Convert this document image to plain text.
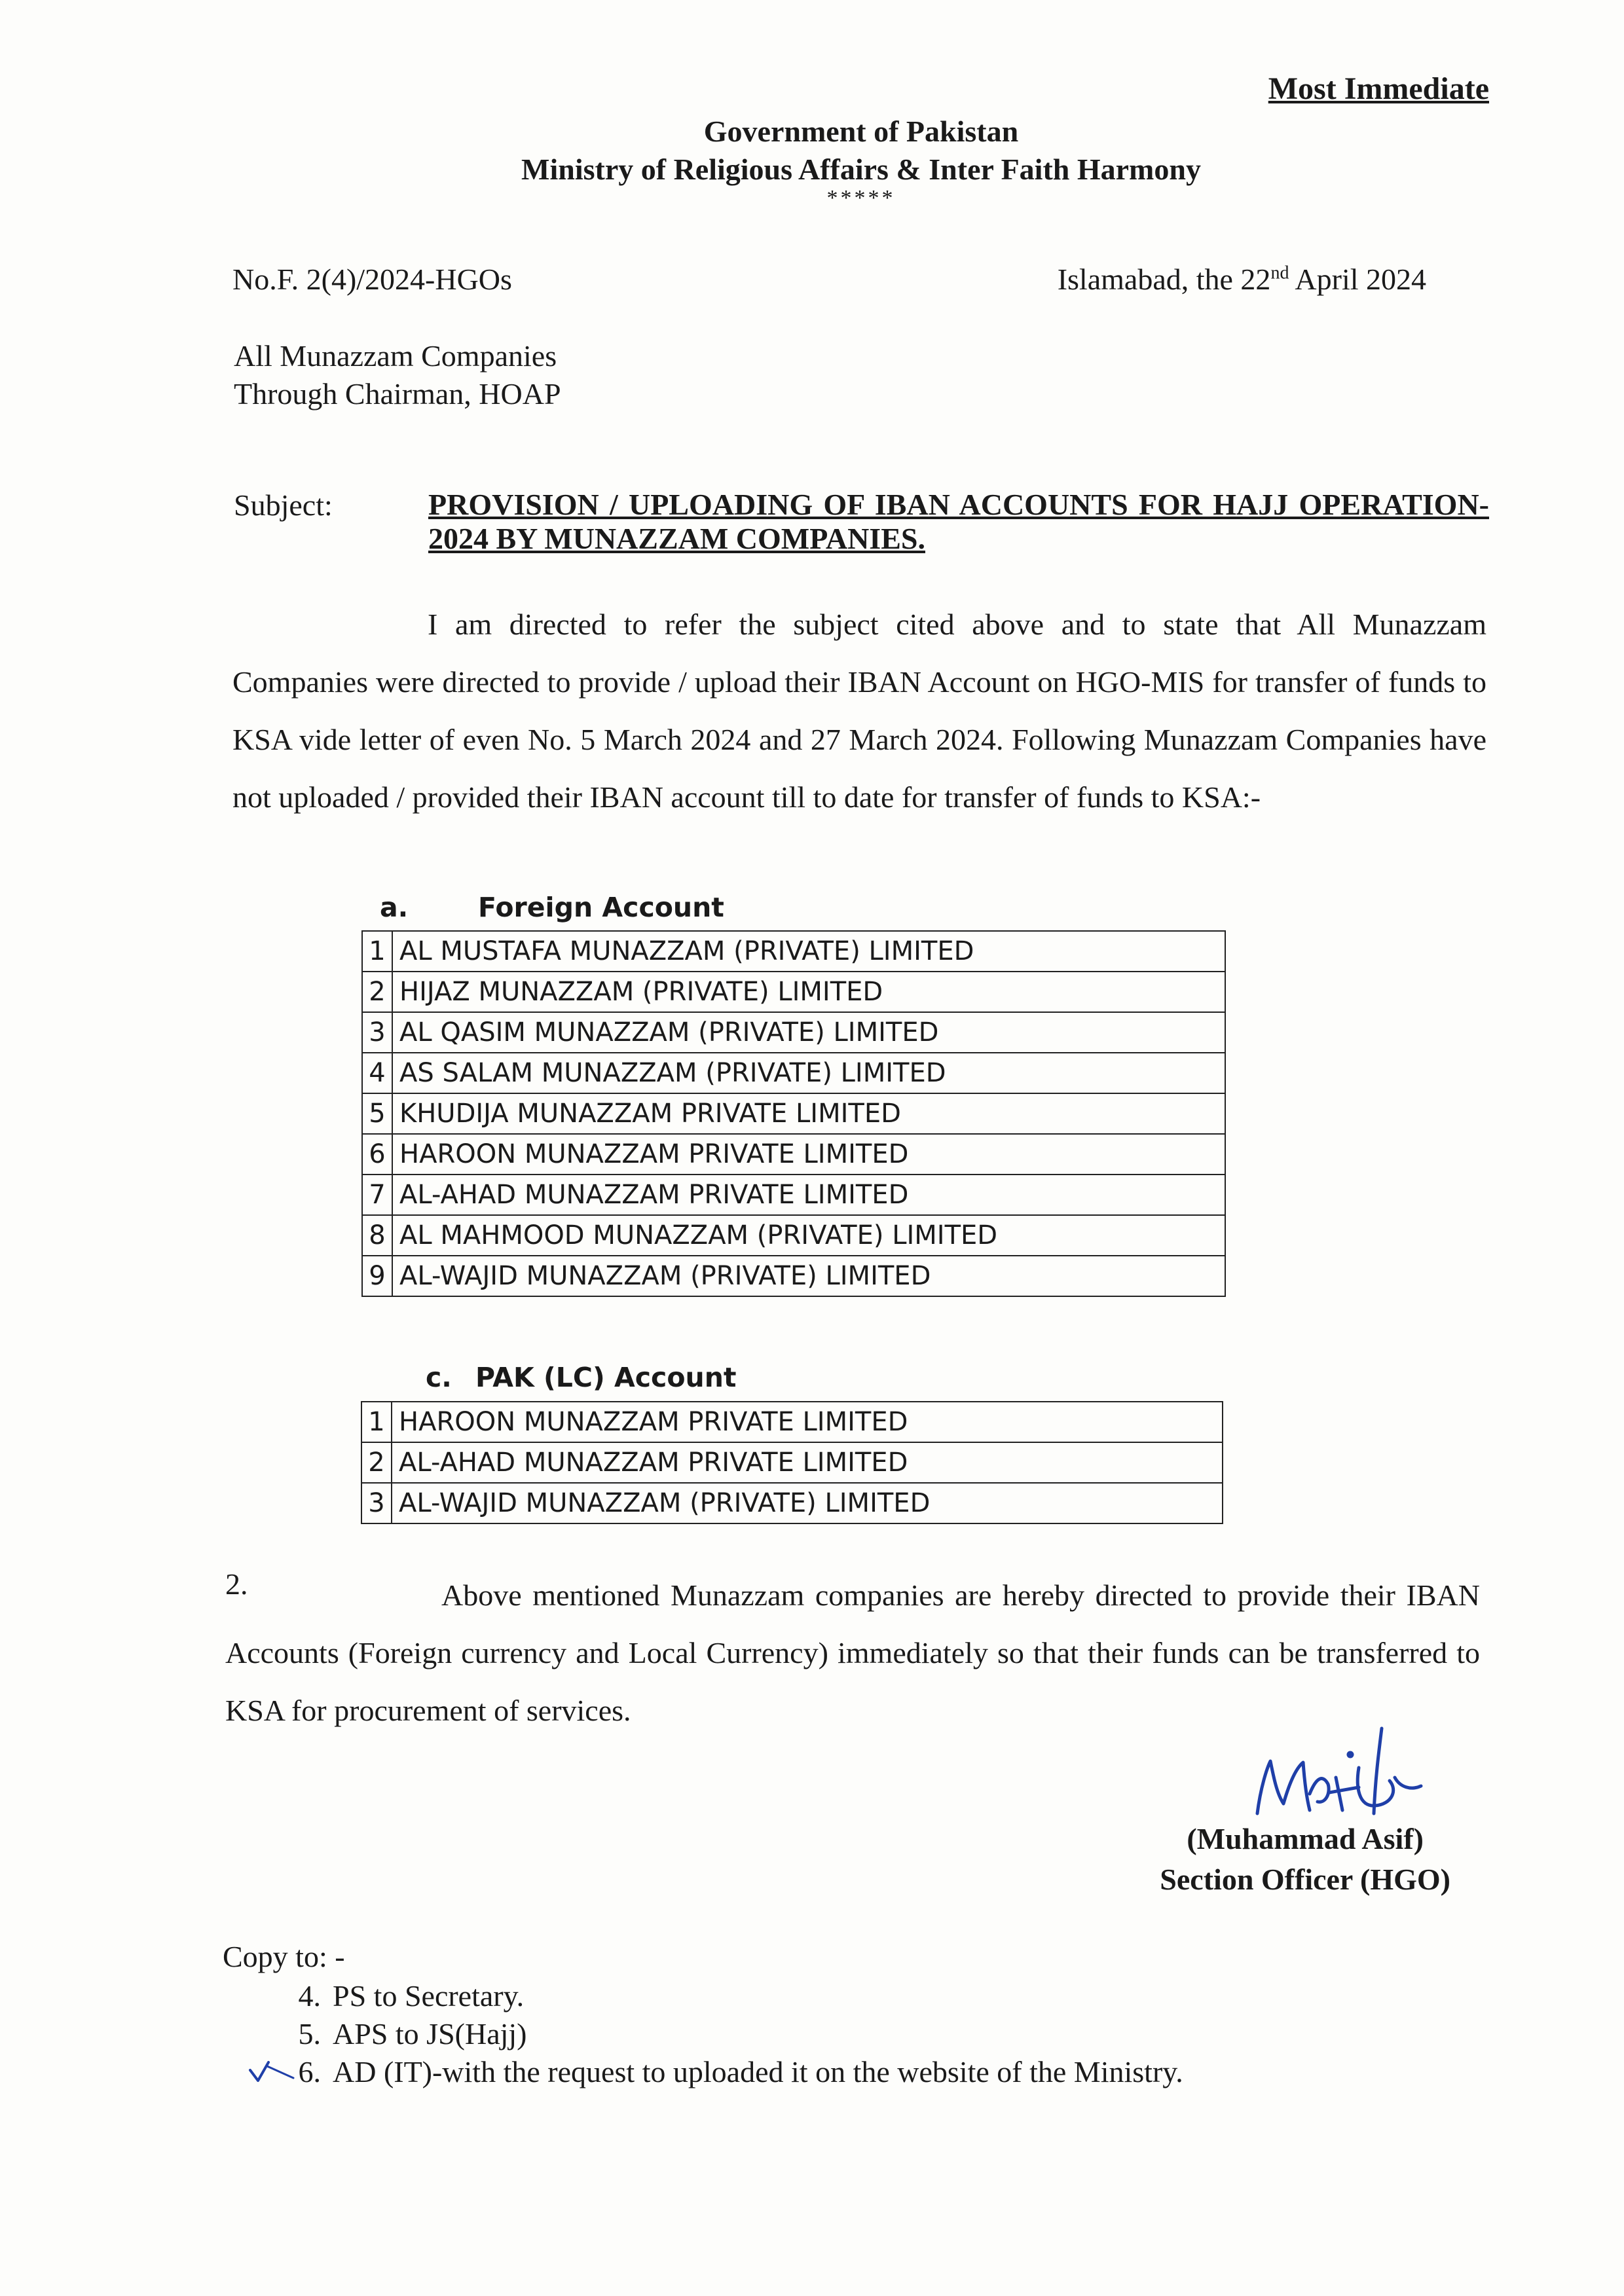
Most Immediate
Government of Pakistan
Ministry of Religious Affairs & Inter Faith Harmony
*****
No.F. 2(4)/2024-HGOs	Islamabad, the 22nd April 2024
All Munazzam Companies
Through Chairman, HOAP
Subject:	PROVISION / UPLOADING OF IBAN ACCOUNTS FOR HAJJ OPERATION-2024 BY MUNAZZAM COMPANIES.
I am directed to refer the subject cited above and to state that All Munazzam Companies were directed to provide / upload their IBAN Account on HGO-MIS for transfer of funds to KSA vide letter of even No. 5 March 2024 and 27 March 2024. Following Munazzam Companies have not uploaded / provided their IBAN account till to date for transfer of funds to KSA:-
a.	Foreign Account
1	AL MUSTAFA MUNAZZAM (PRIVATE) LIMITED
2	HIJAZ MUNAZZAM (PRIVATE) LIMITED
3	AL QASIM MUNAZZAM (PRIVATE) LIMITED
4	AS SALAM MUNAZZAM (PRIVATE) LIMITED
5	KHUDIJA MUNAZZAM PRIVATE LIMITED
6	HAROON MUNAZZAM PRIVATE LIMITED
7	AL-AHAD MUNAZZAM PRIVATE LIMITED
8	AL MAHMOOD MUNAZZAM (PRIVATE) LIMITED
9	AL-WAJID MUNAZZAM (PRIVATE) LIMITED
c. PAK (LC) Account
1	HAROON MUNAZZAM PRIVATE LIMITED
2	AL-AHAD MUNAZZAM PRIVATE LIMITED
3	AL-WAJID MUNAZZAM (PRIVATE) LIMITED
2.	Above mentioned Munazzam companies are hereby directed to provide their IBAN Accounts (Foreign currency and Local Currency) immediately so that their funds can be transferred to KSA for procurement of services.
(Muhammad Asif)
Section Officer (HGO)
Copy to: -
4. PS to Secretary.
5. APS to JS(Hajj)
6. AD (IT)-with the request to uploaded it on the website of the Ministry.
